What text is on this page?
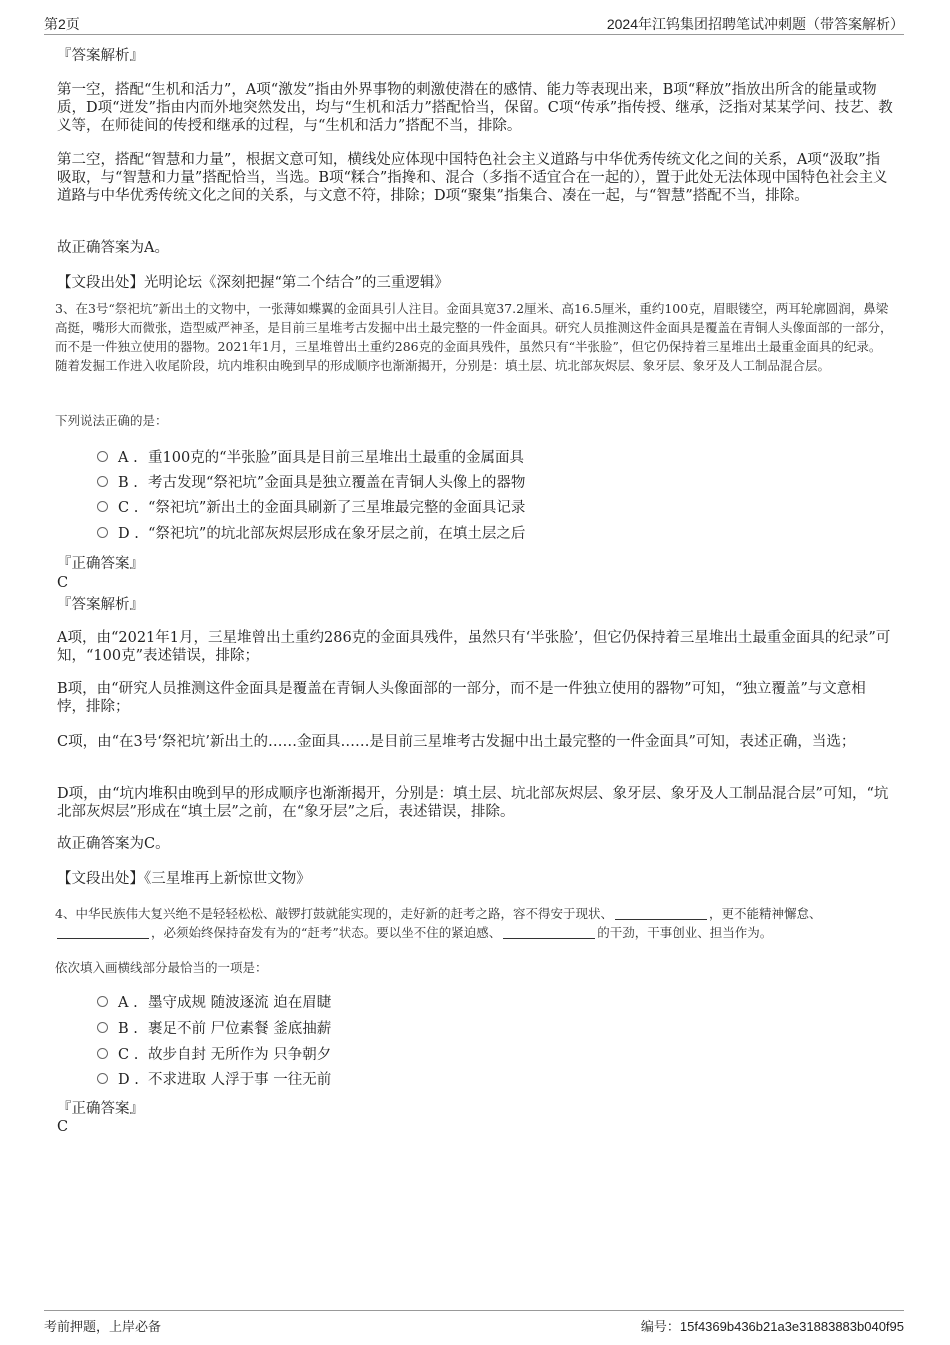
第2页	2024年江钨集团招聘笔试冲刺题（带答案解析）
『答案解析』

第一空，搭配“生机和活力”，A项“激发”指由外界事物的刺激使潜在的感情、能力等表现出来，B项“释放”指放出所含的能量或物质，D项“迸发”指由内而外地突然发出，均与“生机和活力”搭配恰当，保留。C项“传承”指传授、继承，泛指对某某学问、技艺、教义等，在师徒间的传授和继承的过程，与“生机和活力”搭配不当，排除。

第二空，搭配“智慧和力量”，根据文意可知，横线处应体现中国特色社会主义道路与中华优秀传统文化之间的关系，A项“汲取”指吸取，与“智慧和力量”搭配恰当，当选。B项“糅合”指搀和、混合（多指不适宜合在一起的），置于此处无法体现中国特色社会主义道路与中华优秀传统文化之间的关系，与文意不符，排除；D项“聚集”指集合、凑在一起，与“智慧”搭配不当，排除。

故正确答案为A。

【文段出处】光明论坛《深刻把握“第二个结合”的三重逻辑》

3、在3号“祭祀坑”新出土的文物中，一张薄如蝶翼的金面具引人注目。金面具宽37.2厘米、高16.5厘米，重约100克，眉眼镂空，两耳轮廓圆润，鼻梁高挺，嘴形大而微张，造型威严神圣，是目前三星堆考古发掘中出土最完整的一件金面具。研究人员推测这件金面具是覆盖在青铜人头像面部的一部分，而不是一件独立使用的器物。2021年1月，三星堆曾出土重约286克的金面具残件，虽然只有“半张脸”，但它仍保持着三星堆出土最重金面具的纪录。随着发掘工作进入收尾阶段，坑内堆积由晚到早的形成顺序也渐渐揭开，分别是：填土层、坑北部灰烬层、象牙层、象牙及人工制品混合层。

下列说法正确的是：

A . 重100克的“半张脸”面具是目前三星堆出土最重的金属面具
B . 考古发现“祭祀坑”金面具是独立覆盖在青铜人头像上的器物
C . “祭祀坑”新出土的金面具刷新了三星堆最完整的金面具记录
D . “祭祀坑”的坑北部灰烬层形成在象牙层之前，在填土层之后
『正确答案』
C
『答案解析』

A项，由“2021年1月，三星堆曾出土重约286克的金面具残件，虽然只有‘半张脸’，但它仍保持着三星堆出土最重金面具的纪录”可知，“100克”表述错误，排除；

B项，由“研究人员推测这件金面具是覆盖在青铜人头像面部的一部分，而不是一件独立使用的器物”可知，“独立覆盖”与文意相悖，排除；

C项，由“在3号‘祭祀坑’新出土的……金面具……是目前三星堆考古发掘中出土最完整的一件金面具”可知，表述正确，当选；

D项，由“坑内堆积由晚到早的形成顺序也渐渐揭开，分别是：填土层、坑北部灰烬层、象牙层、象牙及人工制品混合层”可知，“坑北部灰烬层”形成在“填土层”之前，在“象牙层”之后，表述错误，排除。

故正确答案为C。

【文段出处】《三星堆再上新惊世文物》

4、中华民族伟大复兴绝不是轻轻松松、敲锣打鼓就能实现的，走好新的赶考之路，容不得安于现状、	，更不能精神懈怠、，必须始终保持奋发有为的“赶考”状态。要以坐不住的紧迫感、	的干劲，干事创业、担当作为。

依次填入画横线部分最恰当的一项是：

A . 墨守成规 随波逐流 迫在眉睫
B . 裹足不前 尸位素餐 釜底抽薪
C . 故步自封 无所作为 只争朝夕
D . 不求进取 人浮于事 一往无前
『正确答案』
C
考前押题，上岸必备	编号：15f4369b436b21a3e31883883b040f95
